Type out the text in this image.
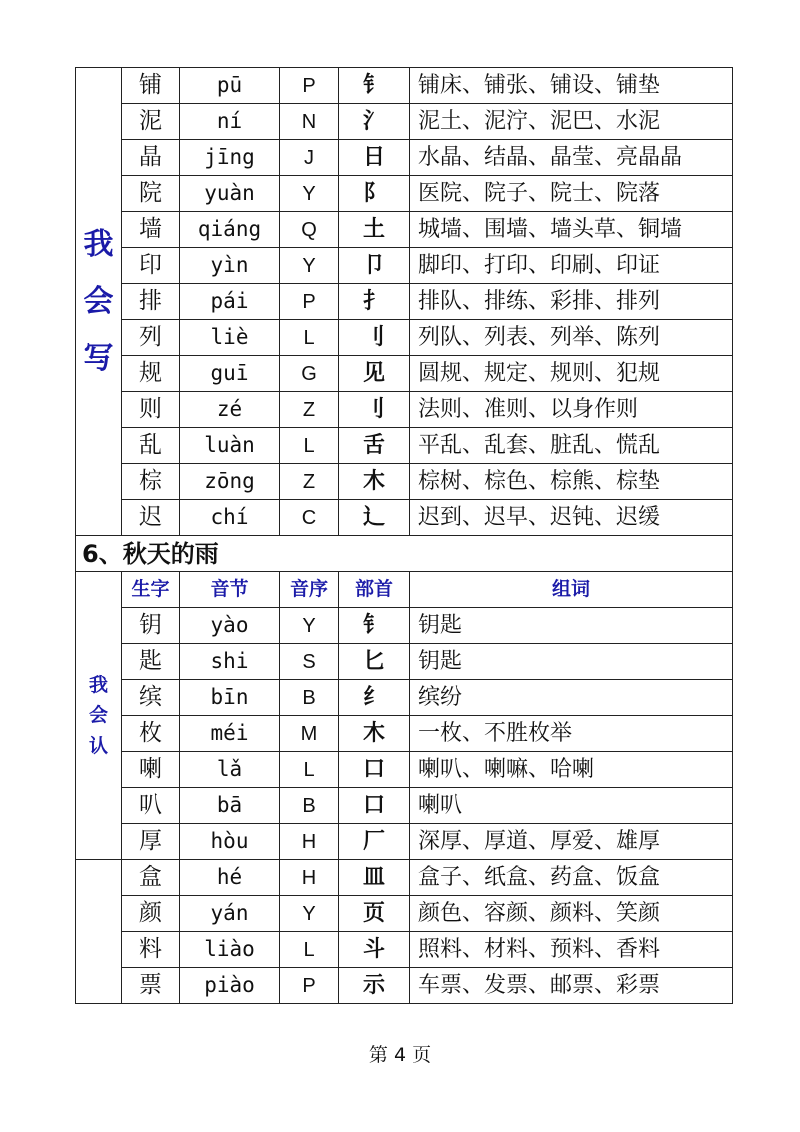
我
会
写	铺	pū	P	钅	铺床、铺张、铺设、铺垫
	泥	ní	N	氵	泥土、泥泞、泥巴、水泥
	晶	jīng	J	日	水晶、结晶、晶莹、亮晶晶
	院	yuàn	Y	阝	医院、院子、院士、院落
	墙	qiáng	Q	土	城墙、围墙、墙头草、铜墙
	印	yìn	Y	卩	脚印、打印、印刷、印证
	排	pái	P	扌	排队、排练、彩排、排列
	列	liè	L	刂	列队、列表、列举、陈列
	规	guī	G	见	圆规、规定、规则、犯规
	则	zé	Z	刂	法则、准则、以身作则
	乱	luàn	L	舌	平乱、乱套、脏乱、慌乱
	棕	zōng	Z	木	棕树、棕色、棕熊、棕垫
	迟	chí	C	辶	迟到、迟早、迟钝、迟缓
6、秋天的雨					

我
会
认	生字	音节	音序	部首	组词
	钥	yào	Y	钅	钥匙
	匙	shi	S	匕	钥匙
	缤	bīn	B	纟	缤纷
	枚	méi	M	木	一枚、不胜枚举
	喇	lǎ	L	口	喇叭、喇嘛、哈喇
	叭	bā	B	口	喇叭
	厚	hòu	H	厂	深厚、厚道、厚爱、雄厚
	盒	hé	H	皿	盒子、纸盒、药盒、饭盒
	颜	yán	Y	页	颜色、容颜、颜料、笑颜
	料	liào	L	斗	照料、材料、预料、香料
	票	piào	P	示	车票、发票、邮票、彩票
第 4 页
